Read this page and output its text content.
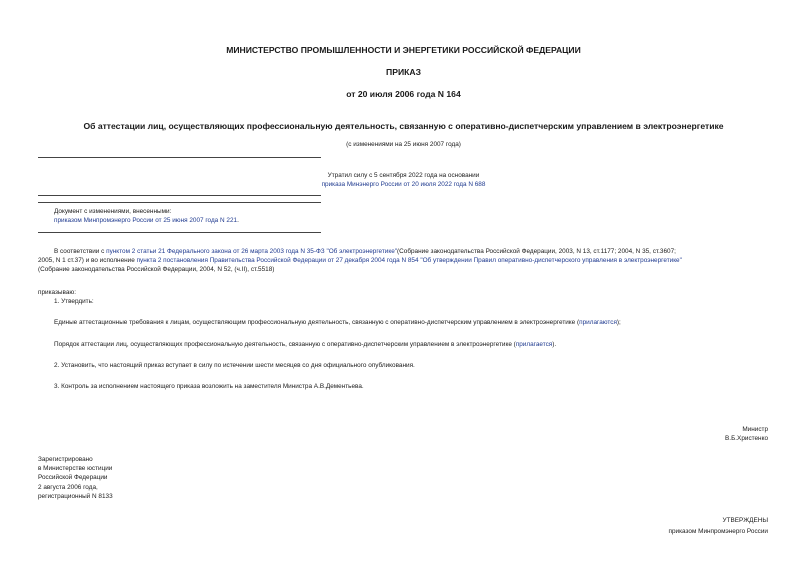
МИНИСТЕРСТВО ПРОМЫШЛЕННОСТИ И ЭНЕРГЕТИКИ РОССИЙСКОЙ ФЕДЕРАЦИИ
ПРИКАЗ
от 20 июля 2006 года N 164
Об аттестации лиц, осуществляющих профессиональную деятельность, связанную с оперативно-диспетчерским управлением в электроэнергетике
(с изменениями на 25 июня 2007 года)
Утратил силу с 5 сентября 2022 года на основании
приказа Минэнерго России от 20 июля 2022 года N 688
Документ с изменениями, внесенными:
приказом Минпромэнерго России от 25 июня 2007 года N 221.
В соответствии с пунктом 2 статьи 21 Федерального закона от 26 марта 2003 года N 35-ФЗ "Об электроэнергетике"(Собрание законодательства Российской Федерации, 2003, N 13, ст.1177; 2004, N 35, ст.3607;
2005, N 1 ст.37) и во исполнение пункта 2 постановления Правительства Российской Федерации от 27 декабря 2004 года N 854 "Об утверждении Правил оперативно-диспетчерского управления в электроэнергетике"
(Собрание законодательства Российской Федерации, 2004, N 52, (ч.II), ст.5518)
приказываю:
1. Утвердить:
Единые аттестационные требования к лицам, осуществляющим профессиональную деятельность, связанную с оперативно-диспетчерским управлением в электроэнергетике (прилагаются);
Порядок аттестации лиц, осуществляющих профессиональную деятельность, связанную с оперативно-диспетчерским управлением в электроэнергетике (прилагается).
2. Установить, что настоящий приказ вступает в силу по истечении шести месяцев со дня официального опубликования.
3. Контроль за исполнением настоящего приказа возложить на заместителя Министра А.В.Дементьева.
Министр
В.Б.Христенко
Зарегистрировано
в Министерстве юстиции
Российской Федерации
2 августа 2006 года,
регистрационный N 8133
УТВЕРЖДЕНЫ
приказом Минпромэнерго России
